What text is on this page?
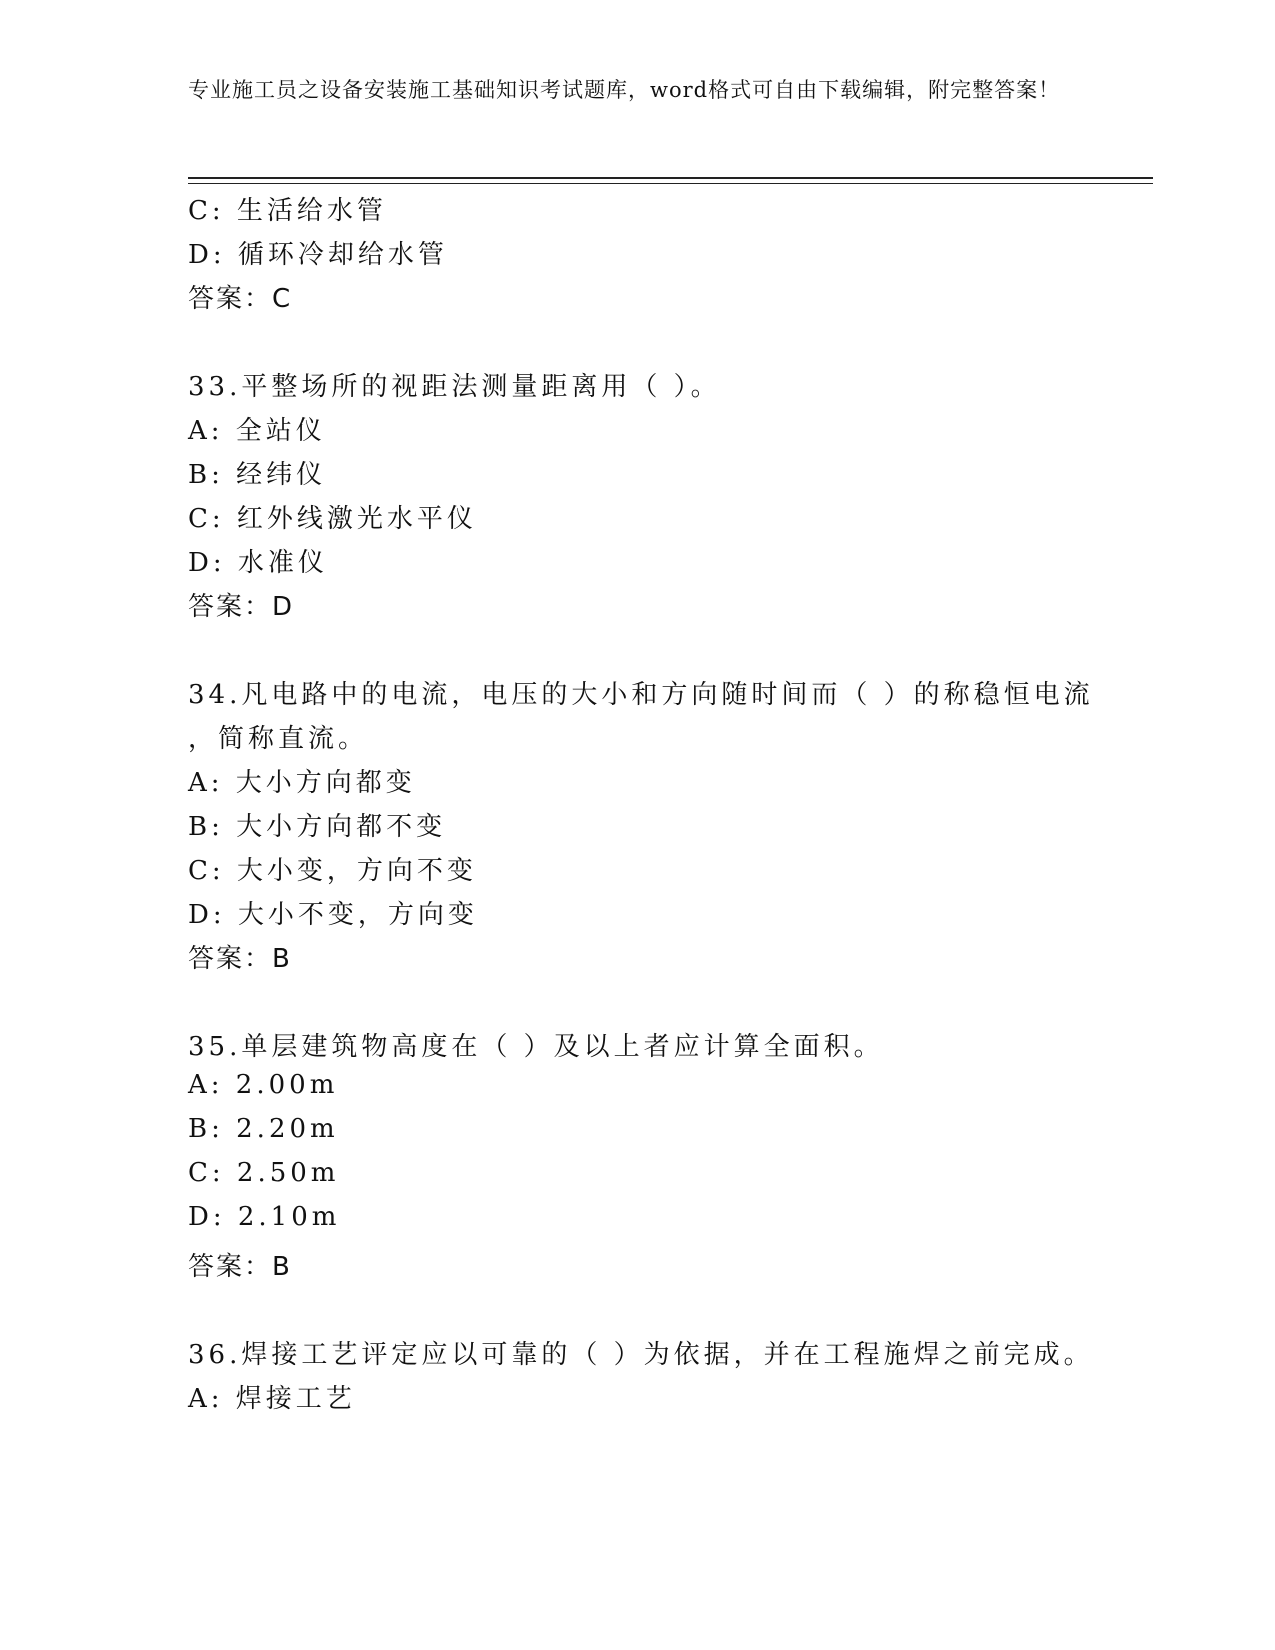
专业施工员之设备安装施工基础知识考试题库，word格式可自由下载编辑，附完整答案！
C: 生活给水管
D: 循环冷却给水管
答案：C
33.平整场所的视距法测量距离用（ ）。
A: 全站仪
B: 经纬仪
C: 红外线激光水平仪
D: 水准仪
答案：D
34.凡电路中的电流，电压的大小和方向随时间而（ ）的称稳恒电流
，简称直流。
A: 大小方向都变
B: 大小方向都不变
C: 大小变，方向不变
D: 大小不变，方向变
答案：B
35.单层建筑物高度在（ ）及以上者应计算全面积。
A: 2.00m
B: 2.20m
C: 2.50m
D: 2.10m
答案：B
36.焊接工艺评定应以可靠的（ ）为依据，并在工程施焊之前完成。
A: 焊接工艺
